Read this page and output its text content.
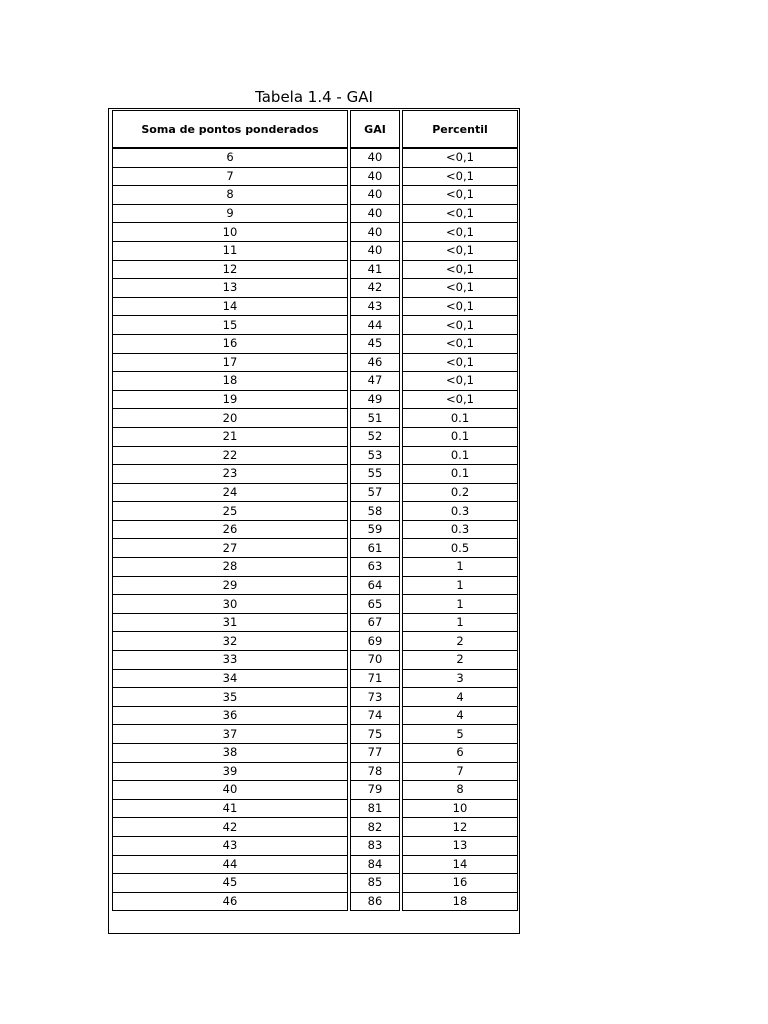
Tabela 1.4 - GAI
Soma de pontos ponderados	GAI	Percentil
6	40	<0,1
7	40	<0,1
8	40	<0,1
9	40	<0,1
10	40	<0,1
11	40	<0,1
12	41	<0,1
13	42	<0,1
14	43	<0,1
15	44	<0,1
16	45	<0,1
17	46	<0,1
18	47	<0,1
19	49	<0,1
20	51	0.1
21	52	0.1
22	53	0.1
23	55	0.1
24	57	0.2
25	58	0.3
26	59	0.3
27	61	0.5
28	63	1
29	64	1
30	65	1
31	67	1
32	69	2
33	70	2
34	71	3
35	73	4
36	74	4
37	75	5
38	77	6
39	78	7
40	79	8
41	81	10
42	82	12
43	83	13
44	84	14
45	85	16
46	86	18
